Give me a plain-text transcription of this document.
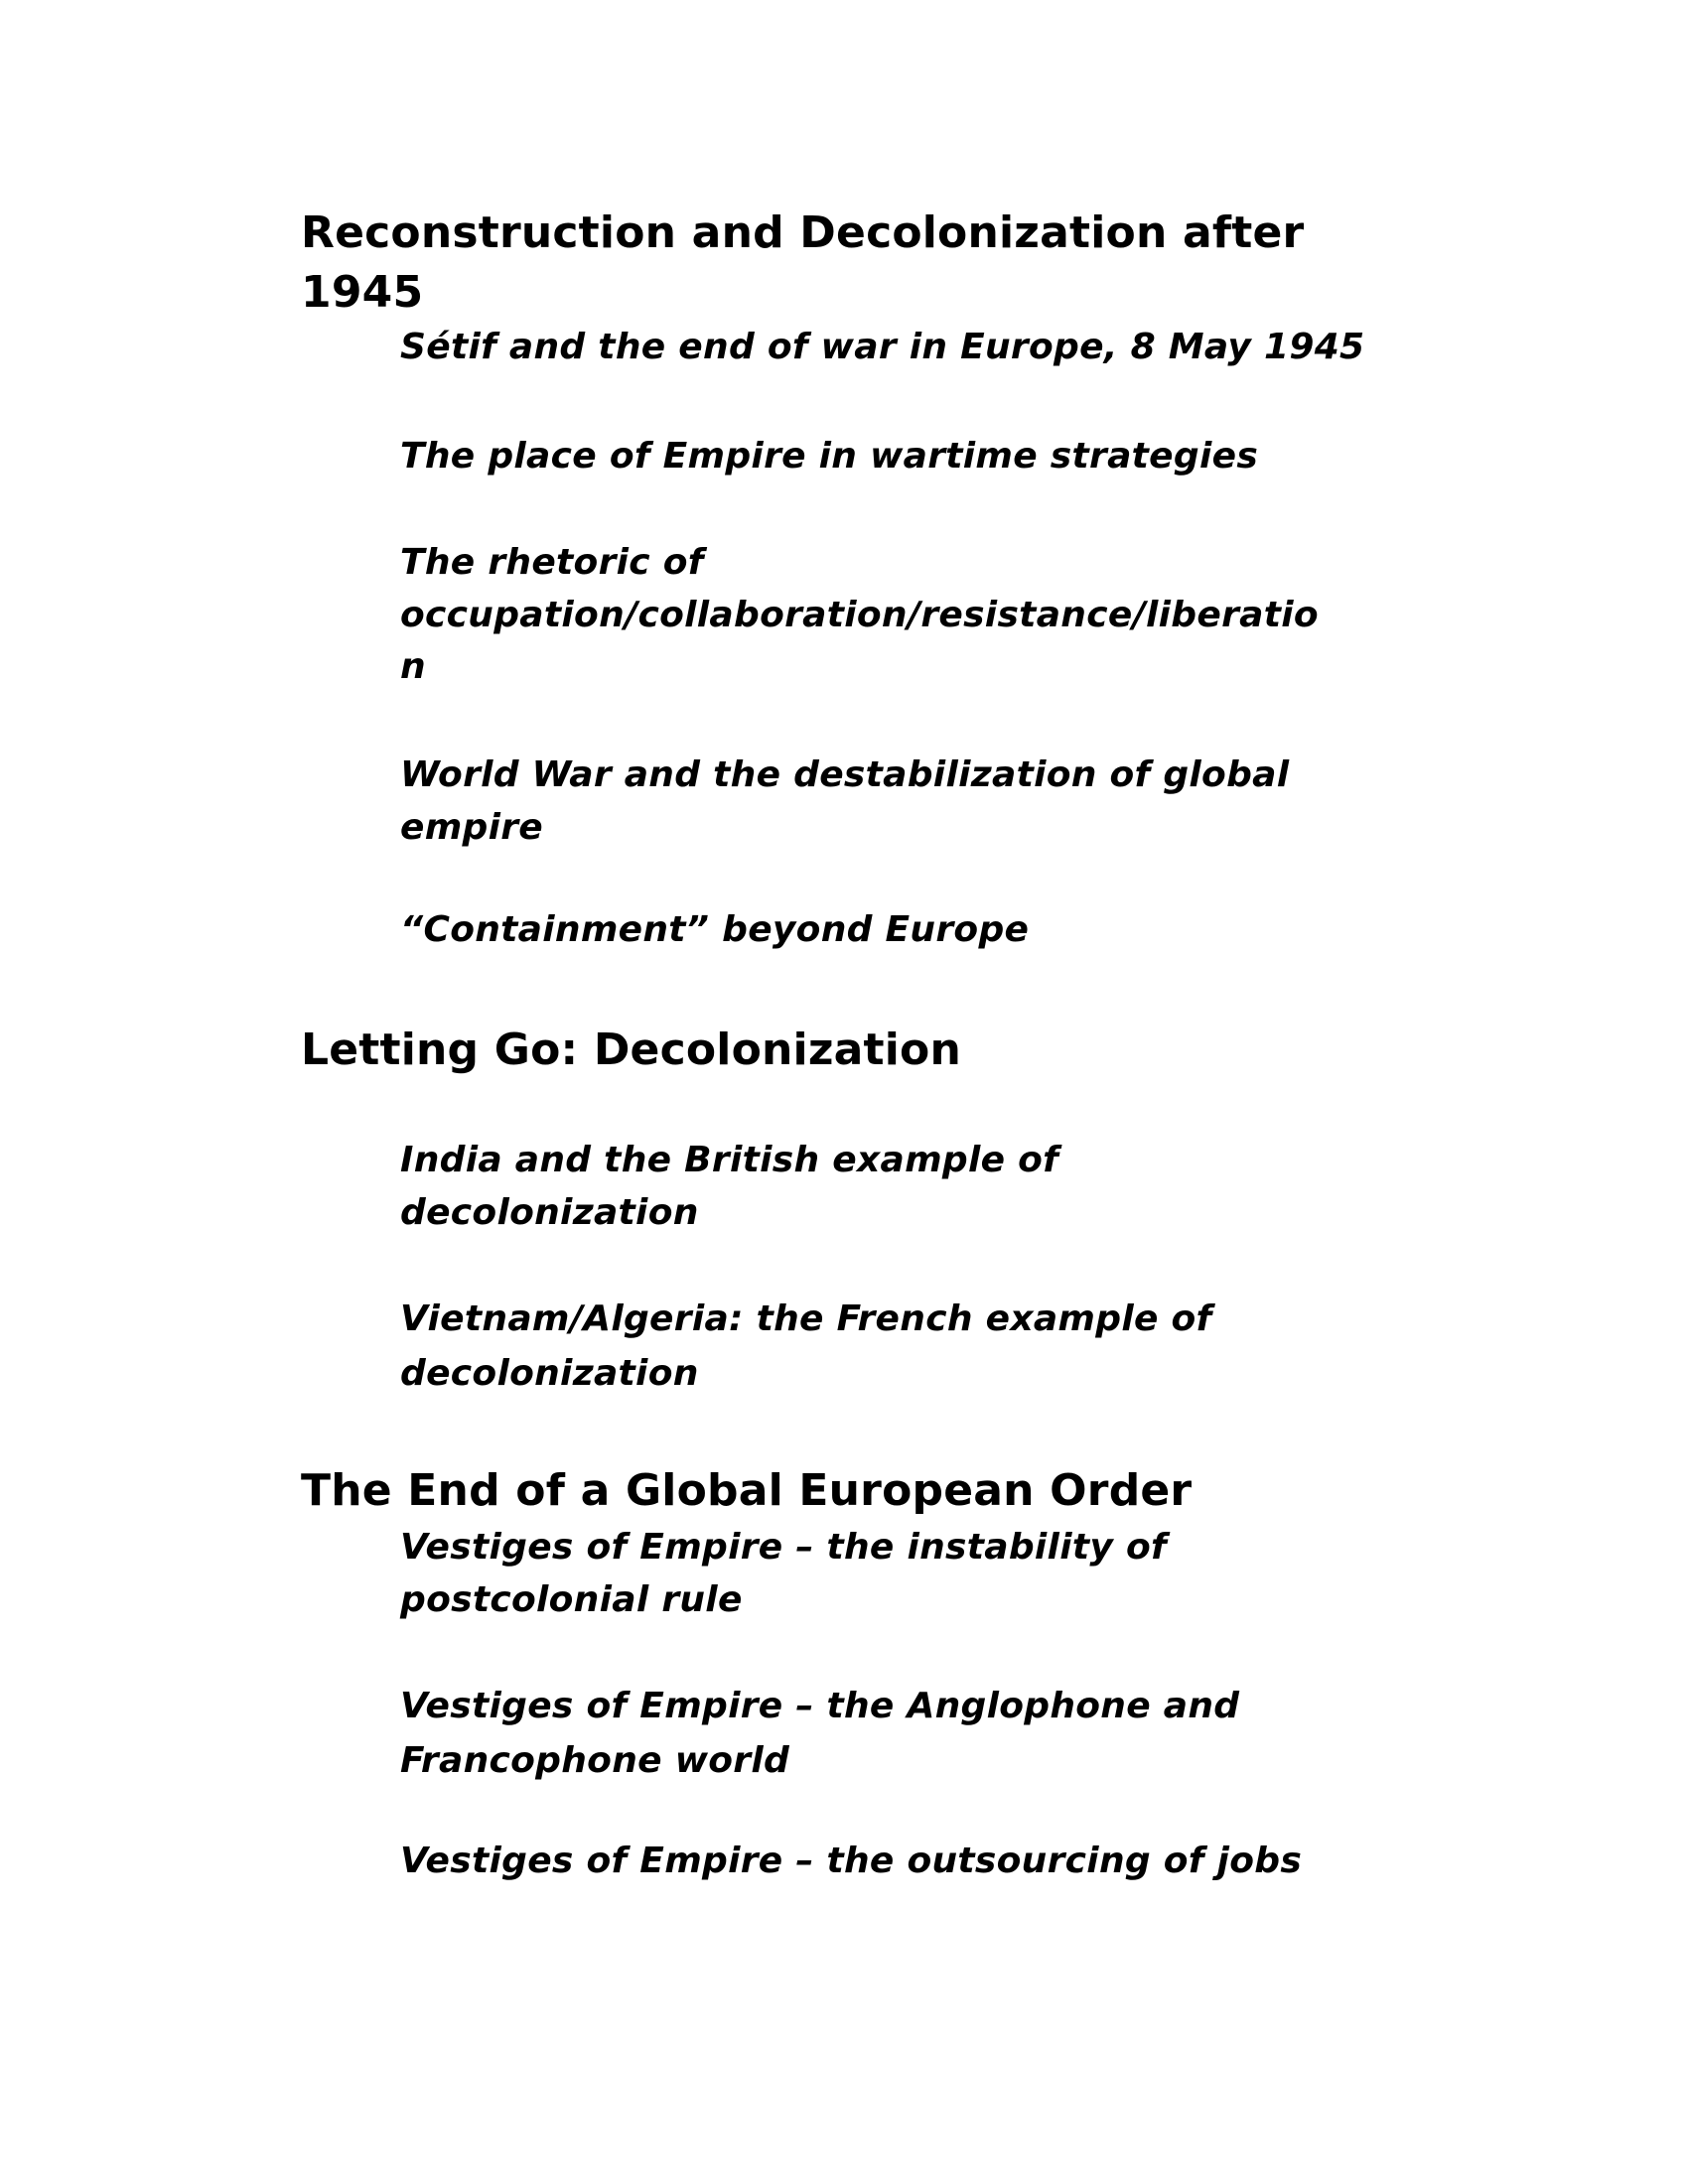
Reconstruction and Decolonization after
1945

Sétif and the end of war in Europe, 8 May 1945

The place of Empire in wartime strategies

The rhetoric of

occupation/collaboration/resistance/liberatio

n

World War and the destabilization of global

empire

“Containment” beyond Europe

Letting Go: Decolonization

India and the British example of

decolonization

Vietnam/Algeria: the French example of

decolonization

The End of a Global European Order

Vestiges of Empire – the instability of

postcolonial rule

Vestiges of Empire – the Anglophone and

Francophone world

Vestiges of Empire – the outsourcing of jobs
